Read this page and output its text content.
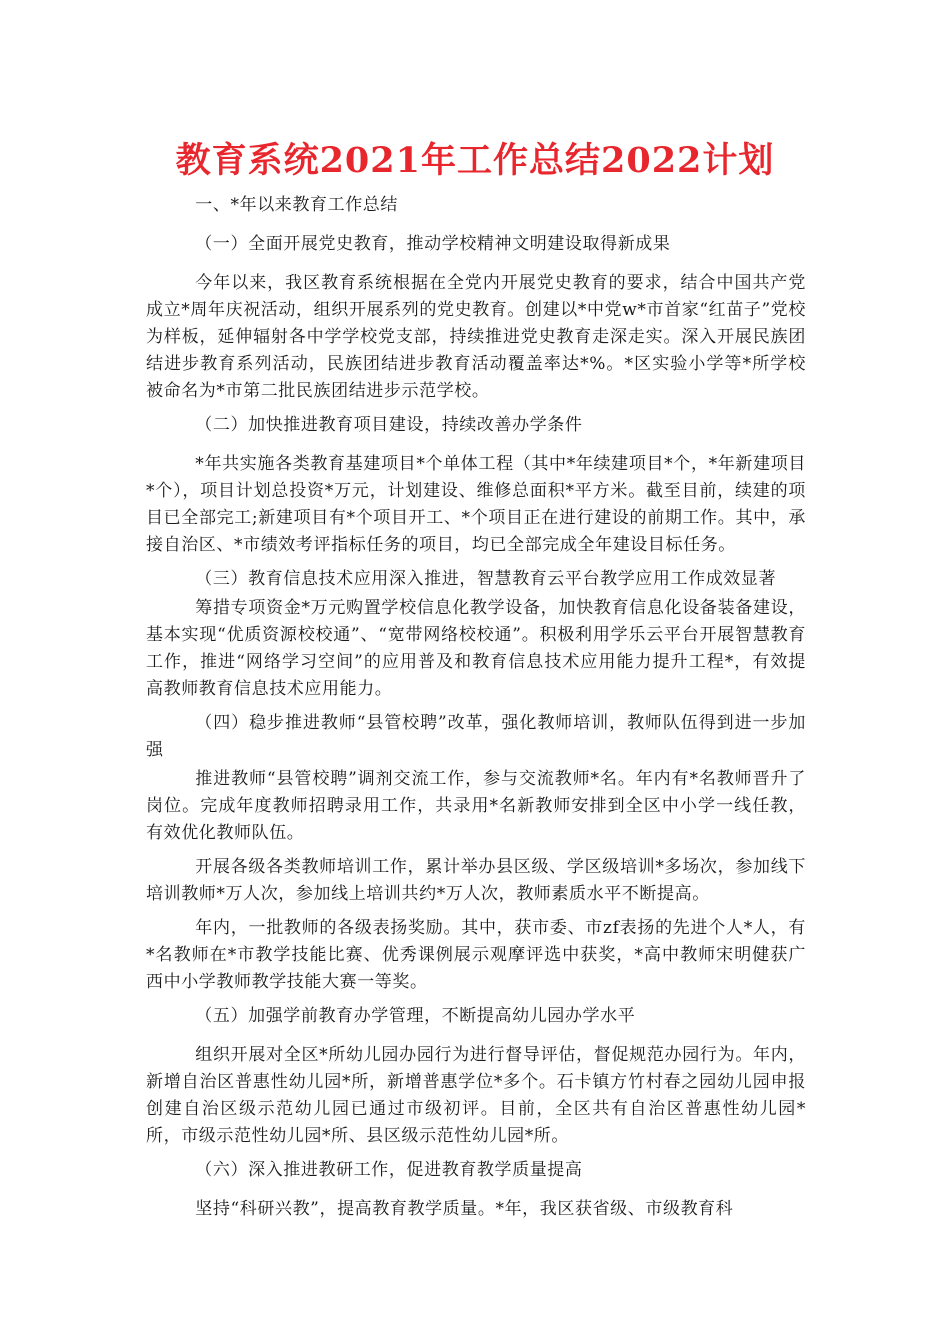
教育系统2021年工作总结2022计划

一、*年以来教育工作总结

（一）全面开展党史教育，推动学校精神文明建设取得新成果

今年以来，我区教育系统根据在全党内开展党史教育的要求，结合中国共产党成立*周年庆祝活动，组织开展系列的党史教育。创建以*中党w*市首家“红苗子”党校为样板，延伸辐射各中学学校党支部，持续推进党史教育走深走实。深入开展民族团结进步教育系列活动，民族团结进步教育活动覆盖率达*%。*区实验小学等*所学校被命名为*市第二批民族团结进步示范学校。

（二）加快推进教育项目建设，持续改善办学条件

*年共实施各类教育基建项目*个单体工程（其中*年续建项目*个，*年新建项目*个），项目计划总投资*万元，计划建设、维修总面积*平方米。截至目前，续建的项目已全部完工;新建项目有*个项目开工、*个项目正在进行建设的前期工作。其中，承接自治区、*市绩效考评指标任务的项目，均已全部完成全年建设目标任务。

（三）教育信息技术应用深入推进，智慧教育云平台教学应用工作成效显著

筹措专项资金*万元购置学校信息化教学设备，加快教育信息化设备装备建设，基本实现“优质资源校校通”、“宽带网络校校通”。积极利用学乐云平台开展智慧教育工作，推进“网络学习空间”的应用普及和教育信息技术应用能力提升工程*，有效提高教师教育信息技术应用能力。

（四）稳步推进教师“县管校聘”改革，强化教师培训，教师队伍得到进一步加强

推进教师“县管校聘”调剂交流工作，参与交流教师*名。年内有*名教师晋升了岗位。完成年度教师招聘录用工作，共录用*名新教师安排到全区中小学一线任教，有效优化教师队伍。

开展各级各类教师培训工作，累计举办县区级、学区级培训*多场次，参加线下培训教师*万人次，参加线上培训共约*万人次，教师素质水平不断提高。

年内，一批教师的各级表扬奖励。其中，获市委、市zf表扬的先进个人*人，有*名教师在*市教学技能比赛、优秀课例展示观摩评选中获奖，*高中教师宋明健获广西中小学教师教学技能大赛一等奖。

（五）加强学前教育办学管理，不断提高幼儿园办学水平

组织开展对全区*所幼儿园办园行为进行督导评估，督促规范办园行为。年内，新增自治区普惠性幼儿园*所，新增普惠学位*多个。石卡镇方竹村春之园幼儿园申报创建自治区级示范幼儿园已通过市级初评。目前，全区共有自治区普惠性幼儿园*所，市级示范性幼儿园*所、县区级示范性幼儿园*所。

（六）深入推进教研工作，促进教育教学质量提高

坚持“科研兴教”，提高教育教学质量。*年，我区获省级、市级教育科
